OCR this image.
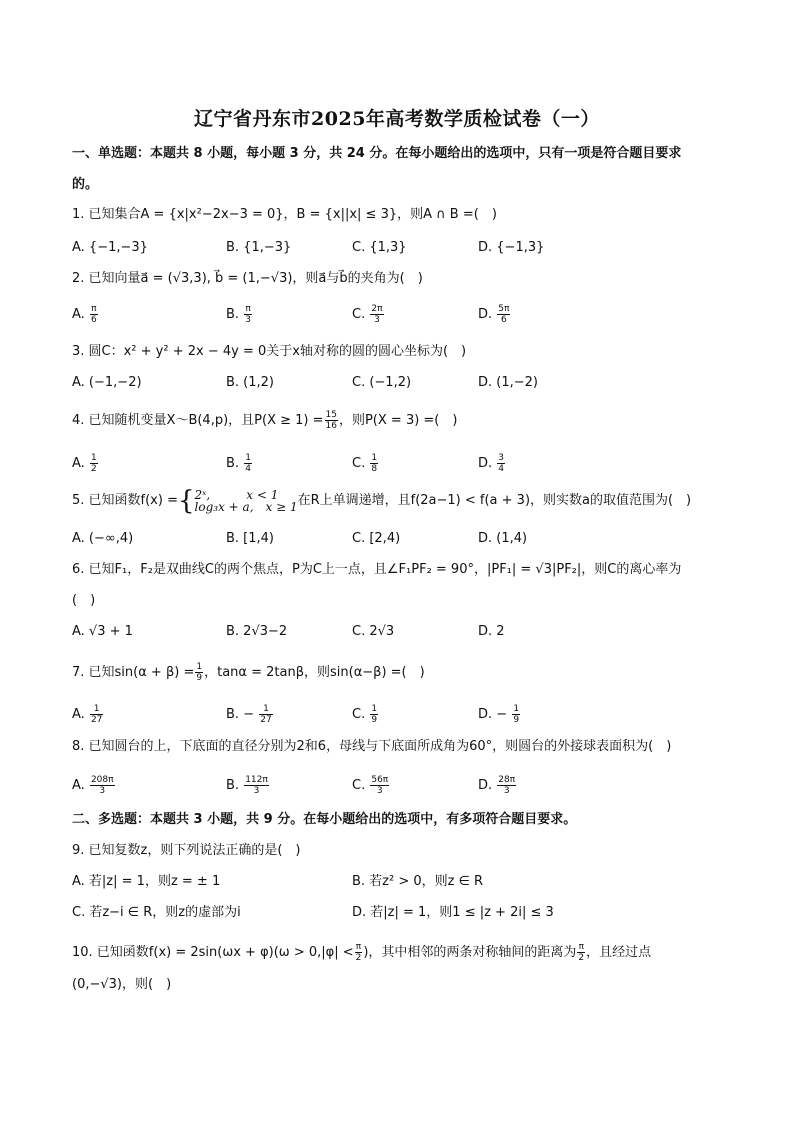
辽宁省丹东市2025年高考数学质检试卷（一）
一、单选题：本题共 8 小题，每小题 3 分，共 24 分。在每小题给出的选项中，只有一项是符合题目要求
的。
1. 已知集合A = {x|x²−2x−3 = 0}，B = {x||x| ≤ 3}，则A ∩ B =(　)
A. {−1,−3}	B. {1,−3}	C. {1,3}	D. {−1,3}
2. 已知向量a⃗ = (√3,3), b⃗ = (1,−√3)，则a⃗与b⃗的夹角为(　)
A. $\frac{\pi}{6}$	B. $\frac{\pi}{3}$	C. $\frac{2\pi}{3}$	D. $\frac{5\pi}{6}$
3. 圆C：x² + y² + 2x − 4y = 0关于x轴对称的圆的圆心坐标为(　)
A. (−1,−2)	B. (1,2)	C. (−1,2)	D. (1,−2)
4. 已知随机变量X～B(4,p)，且$P(X \ge 1) = \frac{15}{16}$ ，则P(X = 3) =(　)
A. $\frac{1}{2}$	B. $\frac{1}{4}$	C. $\frac{1}{8}$	D. $\frac{3}{4}$
5. 已知函数f(x) ={ 2ˣ,　　　x < 1
log₃x + a,　x ≥ 1 在R上单调递增，且f(2a−1) < f(a + 3)，则实数a的取值范围为(　)
A. (−∞,4)	B. [1,4)	C. [2,4)	D. (1,4)
6. 已知F₁，F₂是双曲线C的两个焦点，P为C上一点，且∠F₁PF₂ = 90°，|PF₁| = √3|PF₂|，则C的离心率为
(　)
A. √3 + 1	B. 2√3−2	C. 2√3	D. 2
7. 已知$\sin(\alpha + \beta) = \frac{1}{9}$ ，tanα = 2tanβ，则sin(α−β) =(　)
A. $\frac{1}{27}$	B. − $\frac{1}{27}$	C. $\frac{1}{9}$	D. − $\frac{1}{9}$
8. 已知圆台的上，下底面的直径分别为2和6，母线与下底面所成角为60°，则圆台的外接球表面积为(　)
A. $\frac{208\pi}{3}$	B. $\frac{112\pi}{3}$	C. $\frac{56\pi}{3}$	D. $\frac{28\pi}{3}$
二、多选题：本题共 3 小题，共 9 分。在每小题给出的选项中，有多项符合题目要求。
9. 已知复数z，则下列说法正确的是(　)
A. 若|z| = 1，则z = ± 1	B. 若z² > 0，则z ∈ R
C. 若z−i ∈ R，则z的虚部为i	D. 若|z| = 1，则1 ≤ |z + 2i| ≤ 3
10. 已知函数$f(x) = 2\sin(\omega x + \varphi)(\omega > 0,|\varphi| < \frac{\pi}{2}$ )，其中相邻的两条对称轴间的距离为 $\frac{\pi}{2}$ ，且经过点
(0,−√3)，则(　)
